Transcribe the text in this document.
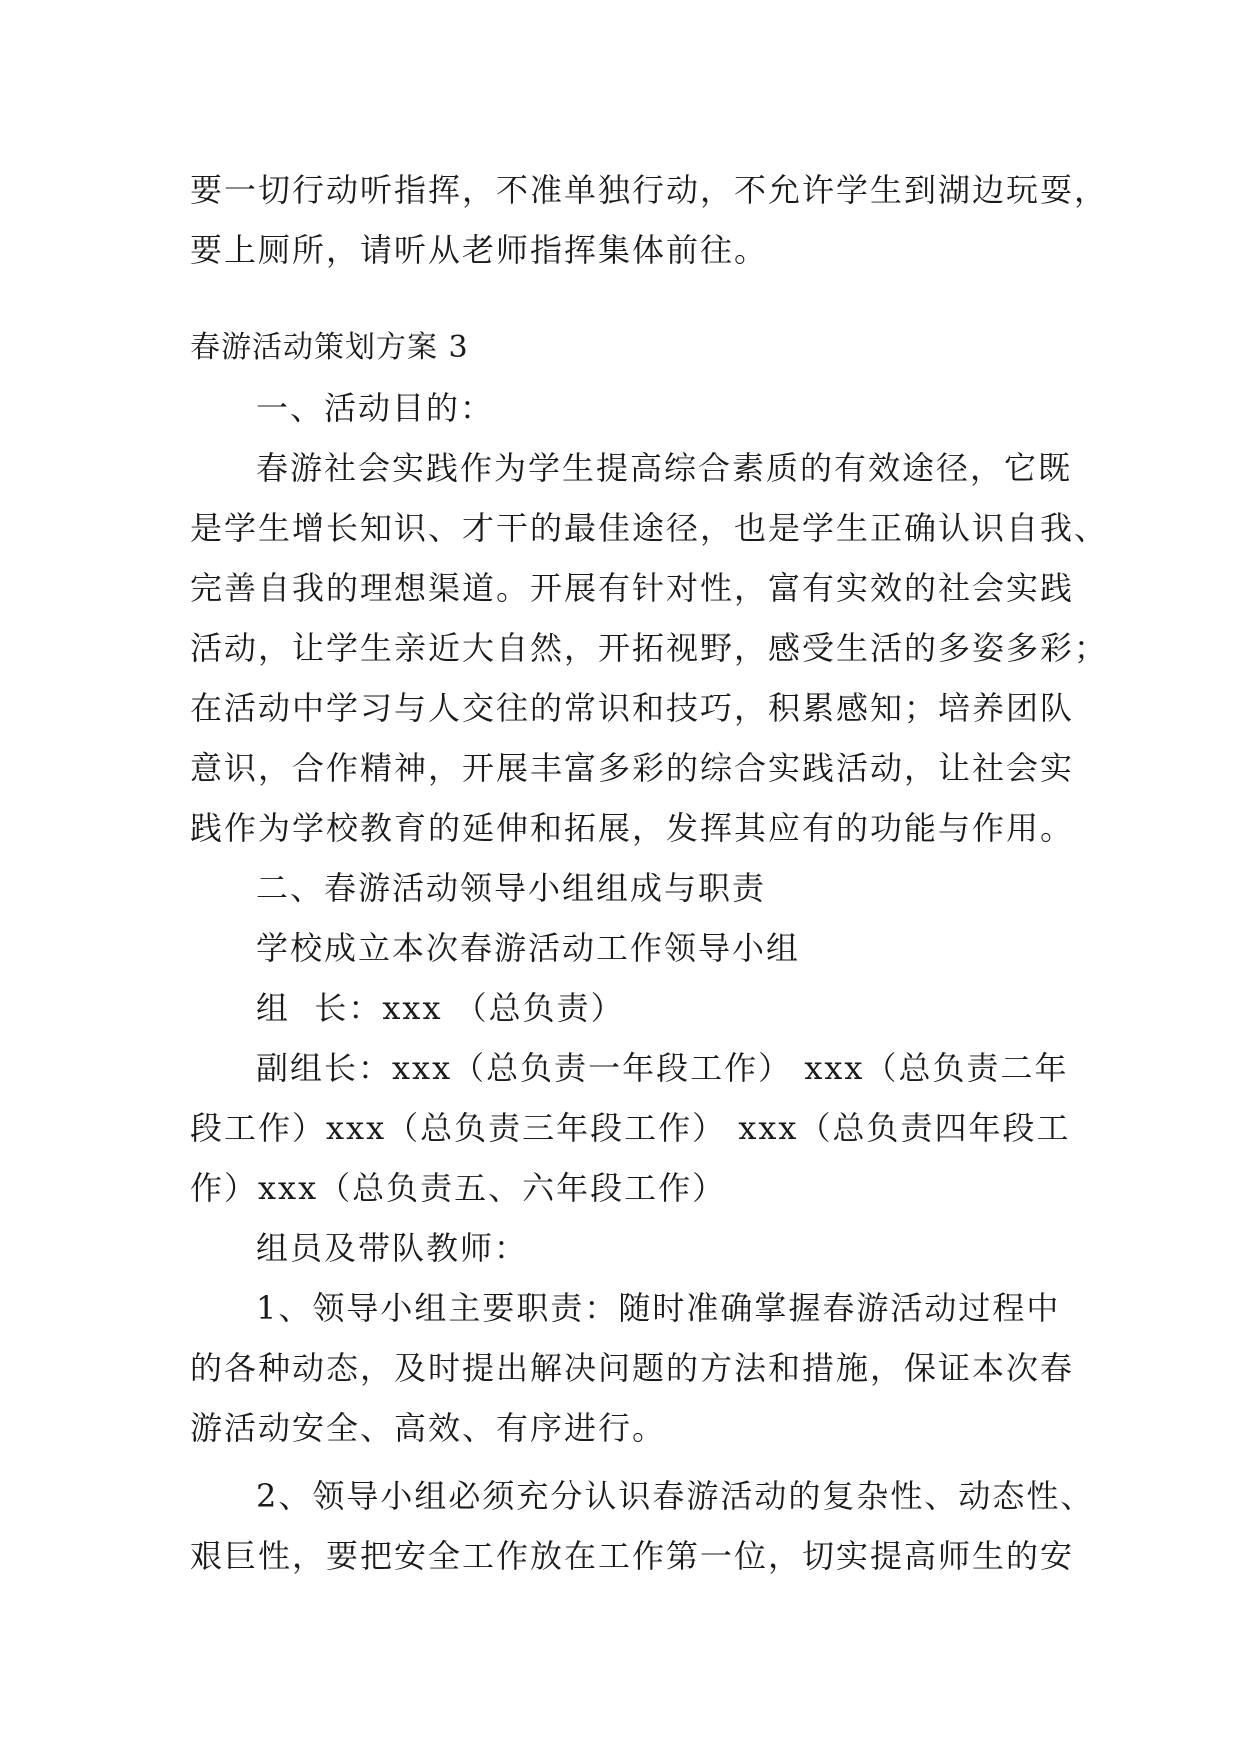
要一切行动听指挥，不准单独行动，不允许学生到湖边玩耍，

要上厕所，请听从老师指挥集体前往。

春游活动策划方案 3

一、活动目的：

春游社会实践作为学生提高综合素质的有效途径，它既

是学生增长知识、才干的最佳途径，也是学生正确认识自我、

完善自我的理想渠道。开展有针对性，富有实效的社会实践

活动，让学生亲近大自然，开拓视野，感受生活的多姿多彩；

在活动中学习与人交往的常识和技巧，积累感知；培养团队

意识，合作精神，开展丰富多彩的综合实践活动，让社会实

践作为学校教育的延伸和拓展，发挥其应有的功能与作用。

二、春游活动领导小组组成与职责

学校成立本次春游活动工作领导小组

组  长：xxx （总负责）

副组长：xxx（总负责一年段工作） xxx（总负责二年

段工作）xxx（总负责三年段工作） xxx（总负责四年段工

作）xxx（总负责五、六年段工作）

组员及带队教师：

1、领导小组主要职责：随时准确掌握春游活动过程中

的各种动态，及时提出解决问题的方法和措施，保证本次春

游活动安全、高效、有序进行。

2、领导小组必须充分认识春游活动的复杂性、动态性、

艰巨性，要把安全工作放在工作第一位，切实提高师生的安
